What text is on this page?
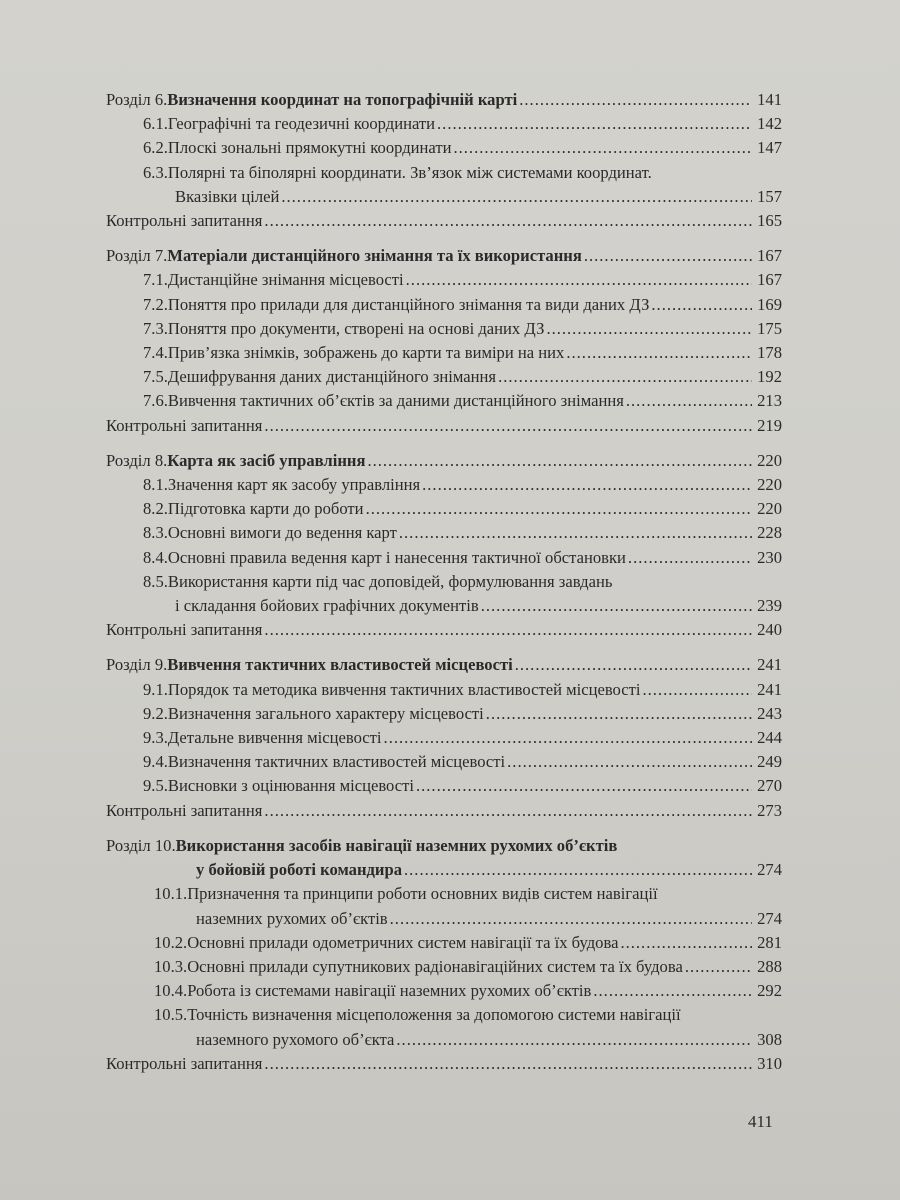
Розділ 6. Визначення координат на топографічній карті .....	141
6.1. Географічні та геодезичні координати .....	142
6.2. Плоскі зональні прямокутні координати .....	147
6.3. Полярні та біполярні координати. Зв’язок між системами координат.
Вказівки цілей .....	157
Контрольні запитання .....	165
Розділ 7. Матеріали дистанційного знімання та їх використання .....	167
7.1. Дистанційне знімання місцевості .....	167
7.2. Поняття про прилади для дистанційного знімання та види даних ДЗ .....	169
7.3. Поняття про документи, створені на основі даних ДЗ .....	175
7.4. Прив’язка знімків, зображень до карти та виміри на них .....	178
7.5. Дешифрування даних дистанційного знімання .....	192
7.6. Вивчення тактичних об’єктів за даними дистанційного знімання .....	213
Контрольні запитання .....	219
Розділ 8. Карта як засіб управління .....	220
8.1. Значення карт як засобу управління .....	220
8.2. Підготовка карти до роботи .....	220
8.3. Основні вимоги до ведення карт .....	228
8.4. Основні правила ведення карт і нанесення тактичної обстановки .....	230
8.5. Використання карти під час доповідей, формулювання завдань
і складання бойових графічних документів .....	239
Контрольні запитання .....	240
Розділ 9. Вивчення тактичних властивостей місцевості .....	241
9.1. Порядок та методика вивчення тактичних властивостей місцевості .....	241
9.2. Визначення загального характеру місцевості .....	243
9.3. Детальне вивчення місцевості .....	244
9.4. Визначення тактичних властивостей місцевості .....	249
9.5. Висновки з оцінювання місцевості .....	270
Контрольні запитання .....	273
Розділ 10. Використання засобів навігації наземних рухомих об’єктів
у бойовій роботі командира .....	274
10.1. Призначення та принципи роботи основних видів систем навігації
наземних рухомих об’єктів .....	274
10.2. Основні прилади одометричних систем навігації та їх будова .....	281
10.3. Основні прилади супутникових радіонавігаційних систем та їх будова .....	288
10.4. Робота із системами навігації наземних рухомих об’єктів .....	292
10.5. Точність визначення місцеположення за допомогою системи навігації
наземного рухомого об’єкта .....	308
Контрольні запитання .....	310
411
